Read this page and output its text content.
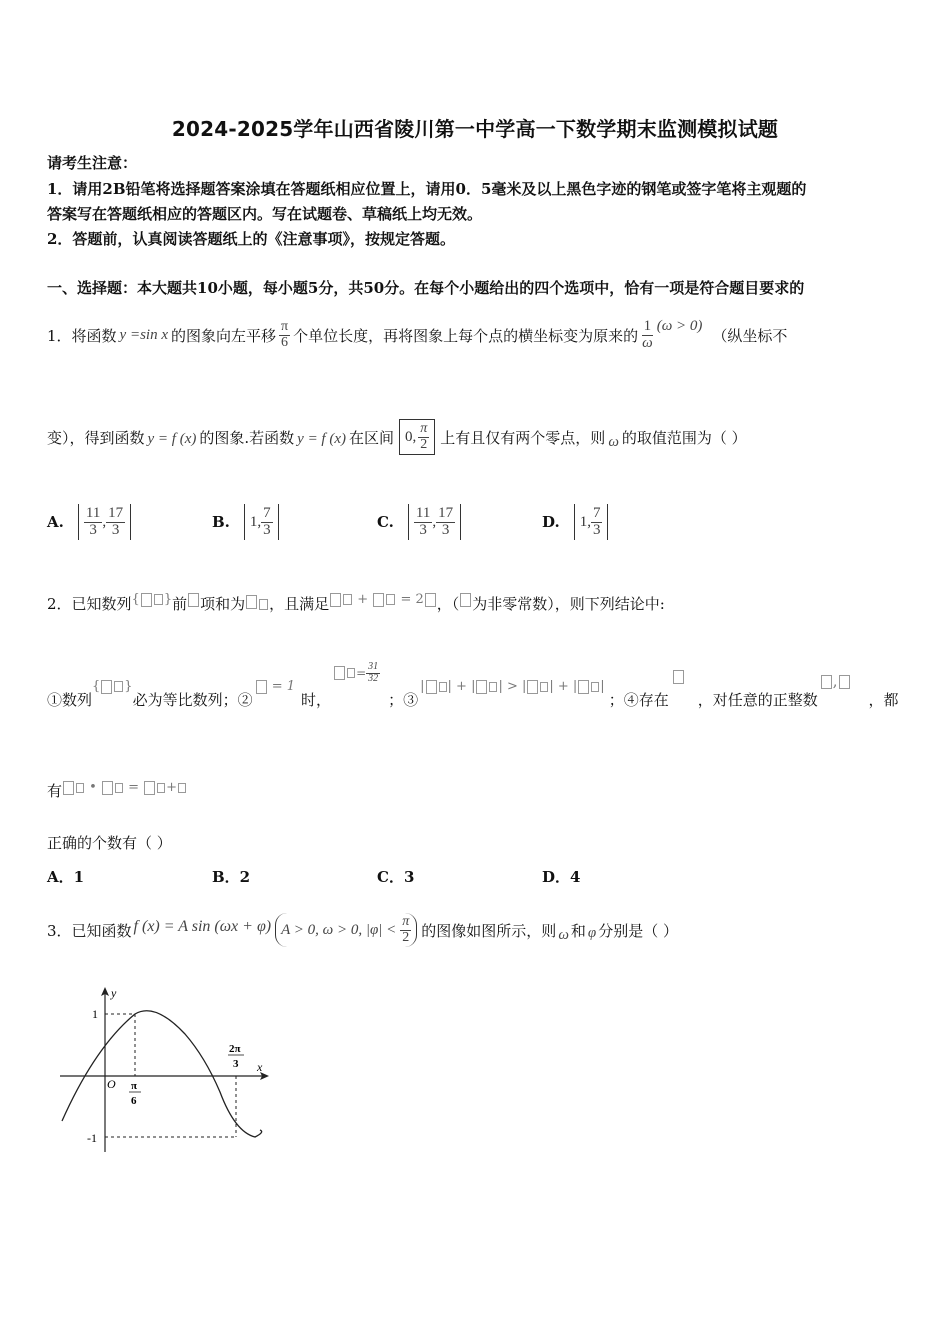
2024-2025学年山西省陵川第一中学高一下数学期末监测模拟试题
请考生注意：
1．请用2B铅笔将选择题答案涂填在答题纸相应位置上，请用0．5毫米及以上黑色字迹的钢笔或签字笔将主观题的
答案写在答题纸相应的答题区内。写在试题卷、草稿纸上均无效。
2．答题前，认真阅读答题纸上的《注意事项》，按规定答题。
一、选择题：本大题共10小题，每小题5分，共50分。在每个小题给出的四个选项中，恰有一项是符合题目要求的
1．将函数 y =sin x 的图象向左平移 $\frac{\pi}{6}$ 个单位长度，再将图象上每个点的横坐标变为原来的 $\frac{1}{\omega} (\omega > 0)$
（纵坐标不
变），得到函数 y = f (x) 的图象.若函数 y = f (x) 在区间 0, $\frac{\pi}{2}$ 上有且仅有两个零点，则 ω 的取值范围为（ ）
A. $\frac{11}{3}$ , $\frac{17}{3}$	B. 1, $\frac{7}{3}$	C. $\frac{11}{3}$ , $\frac{17}{3}$	D. 1, $\frac{7}{3}$
2．已知数列 { } 前 项和为 ，且满足	+  = 2 ，（ 为非零常数），则下列结论中:
①数列
{ }
必为等比数列；②
= 1
时，
= $\frac{31}{32}$
；③
| | + | | > | | + | |
；④存在 ，对任意的正整数
,
，都
有	•  = +
正确的个数有（ ）
A．1	B．2	C．3	D．4
3．已知函数 f (x) = A sin (ωx + φ) A > 0, ω > 0, $|\varphi| < \frac{\pi}{2}$ 的图像如图所示，则 ω 和 φ 分别是（ ）
y
x
O
1
-1
π
6
2π
3
